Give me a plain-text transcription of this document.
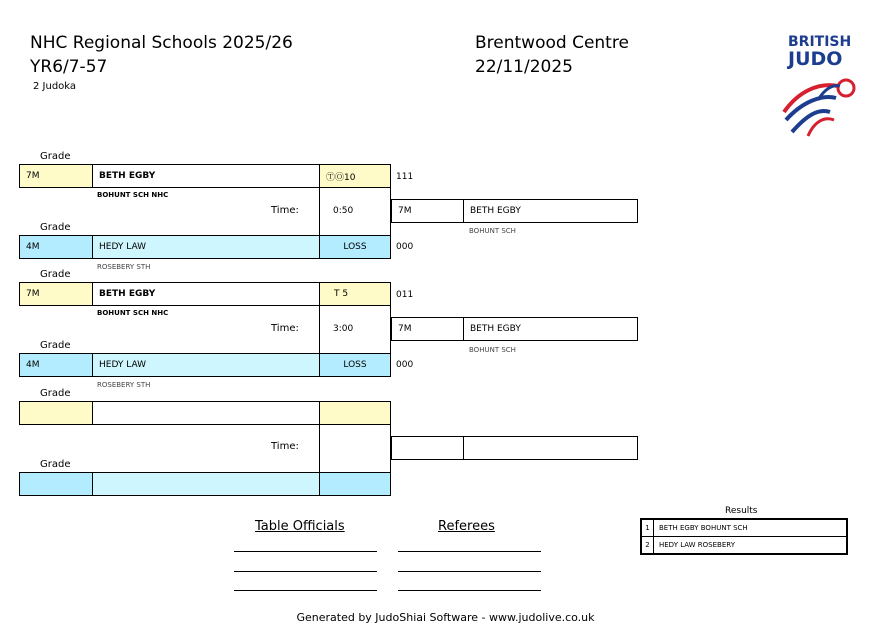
NHC Regional Schools 2025/26
YR6/7-57
2 Judoka
Brentwood Centre
22/11/2025
BRITISH
JUDO
Grade
7M	BETH EGBY	ⓉⓄ10	111
BOHUNT SCH NHC
Time:	0:50
Grade
4M	HEDY LAW	LOSS	000
ROSEBERY STH
7M	BETH EGBY
BOHUNT SCH
Grade
7M	BETH EGBY	T 5	011
BOHUNT SCH NHC
Time:	3:00
Grade
4M	HEDY LAW	LOSS	000
ROSEBERY STH
7M	BETH EGBY
BOHUNT SCH
Grade
Time:
Grade
Table Officials	Referees
Results
1	BETH EGBY BOHUNT SCH
2	HEDY LAW ROSEBERY
Generated by JudoShiai Software - www.judolive.co.uk
